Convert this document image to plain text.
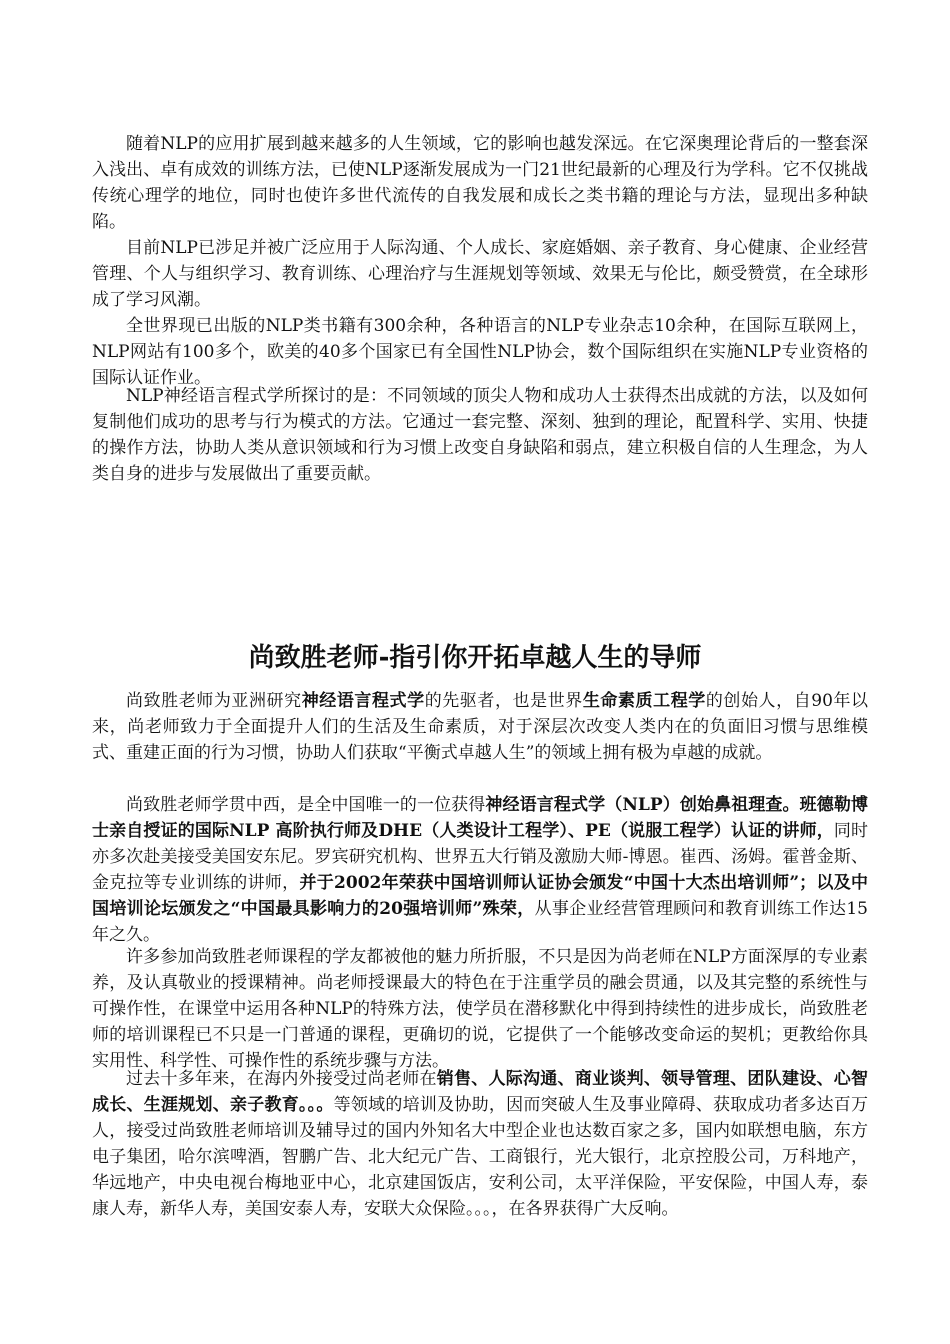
随着NLP的应用扩展到越来越多的人生领域，它的影响也越发深远。在它深奥理论背后的一整套深入浅出、卓有成效的训练方法，已使NLP逐渐发展成为一门21世纪最新的心理及行为学科。它不仅挑战传统心理学的地位，同时也使许多世代流传的自我发展和成长之类书籍的理论与方法，显现出多种缺陷。

目前NLP已涉足并被广泛应用于人际沟通、个人成长、家庭婚姻、亲子教育、身心健康、企业经营管理、个人与组织学习、教育训练、心理治疗与生涯规划等领域、效果无与伦比，颇受赞赏，在全球形成了学习风潮。

全世界现已出版的NLP类书籍有300余种，各种语言的NLP专业杂志10余种，在国际互联网上，NLP网站有100多个，欧美的40多个国家已有全国性NLP协会，数个国际组织在实施NLP专业资格的国际认证作业。

NLP神经语言程式学所探讨的是：不同领域的顶尖人物和成功人士获得杰出成就的方法，以及如何复制他们成功的思考与行为模式的方法。它通过一套完整、深刻、独到的理论，配置科学、实用、快捷的操作方法，协助人类从意识领域和行为习惯上改变自身缺陷和弱点，建立积极自信的人生理念，为人类自身的进步与发展做出了重要贡献。

尚致胜老师-指引你开拓卓越人生的导师

尚致胜老师为亚洲研究神经语言程式学的先驱者，也是世界生命素质工程学的创始人，自90年以来，尚老师致力于全面提升人们的生活及生命素质，对于深层次改变人类内在的负面旧习惯与思维模式、重建正面的行为习惯，协助人们获取“平衡式卓越人生”的领域上拥有极为卓越的成就。

尚致胜老师学贯中西，是全中国唯一的一位获得神经语言程式学（NLP）创始鼻祖理查。班德勒博士亲自授证的国际NLP 高阶执行师及DHE（人类设计工程学）、PE（说服工程学）认证的讲师，同时亦多次赴美接受美国安东尼。罗宾研究机构、世界五大行销及激励大师-博恩。崔西、汤姆。霍普金斯、金克拉等专业训练的讲师，并于2002年荣获中国培训师认证协会颁发“中国十大杰出培训师”；以及中国培训论坛颁发之“中国最具影响力的20强培训师”殊荣，从事企业经营管理顾问和教育训练工作达15年之久。

许多参加尚致胜老师课程的学友都被他的魅力所折服，不只是因为尚老师在NLP方面深厚的专业素养，及认真敬业的授课精神。尚老师授课最大的特色在于注重学员的融会贯通，以及其完整的系统性与可操作性，在课堂中运用各种NLP的特殊方法，使学员在潜移默化中得到持续性的进步成长，尚致胜老师的培训课程已不只是一门普通的课程，更确切的说，它提供了一个能够改变命运的契机；更教给你具实用性、科学性、可操作性的系统步骤与方法。

过去十多年来，在海内外接受过尚老师在销售、人际沟通、商业谈判、领导管理、团队建设、心智成长、生涯规划、亲子教育。。。等领域的培训及协助，因而突破人生及事业障碍、获取成功者多达百万人，接受过尚致胜老师培训及辅导过的国内外知名大中型企业也达数百家之多，国内如联想电脑，东方电子集团，哈尔滨啤酒，智鹏广告、北大纪元广告、工商银行，光大银行，北京控股公司，万科地产，华远地产，中央电视台梅地亚中心，北京建国饭店，安利公司，太平洋保险，平安保险，中国人寿，泰康人寿，新华人寿，美国安泰人寿，安联大众保险。。。，在各界获得广大反响。
